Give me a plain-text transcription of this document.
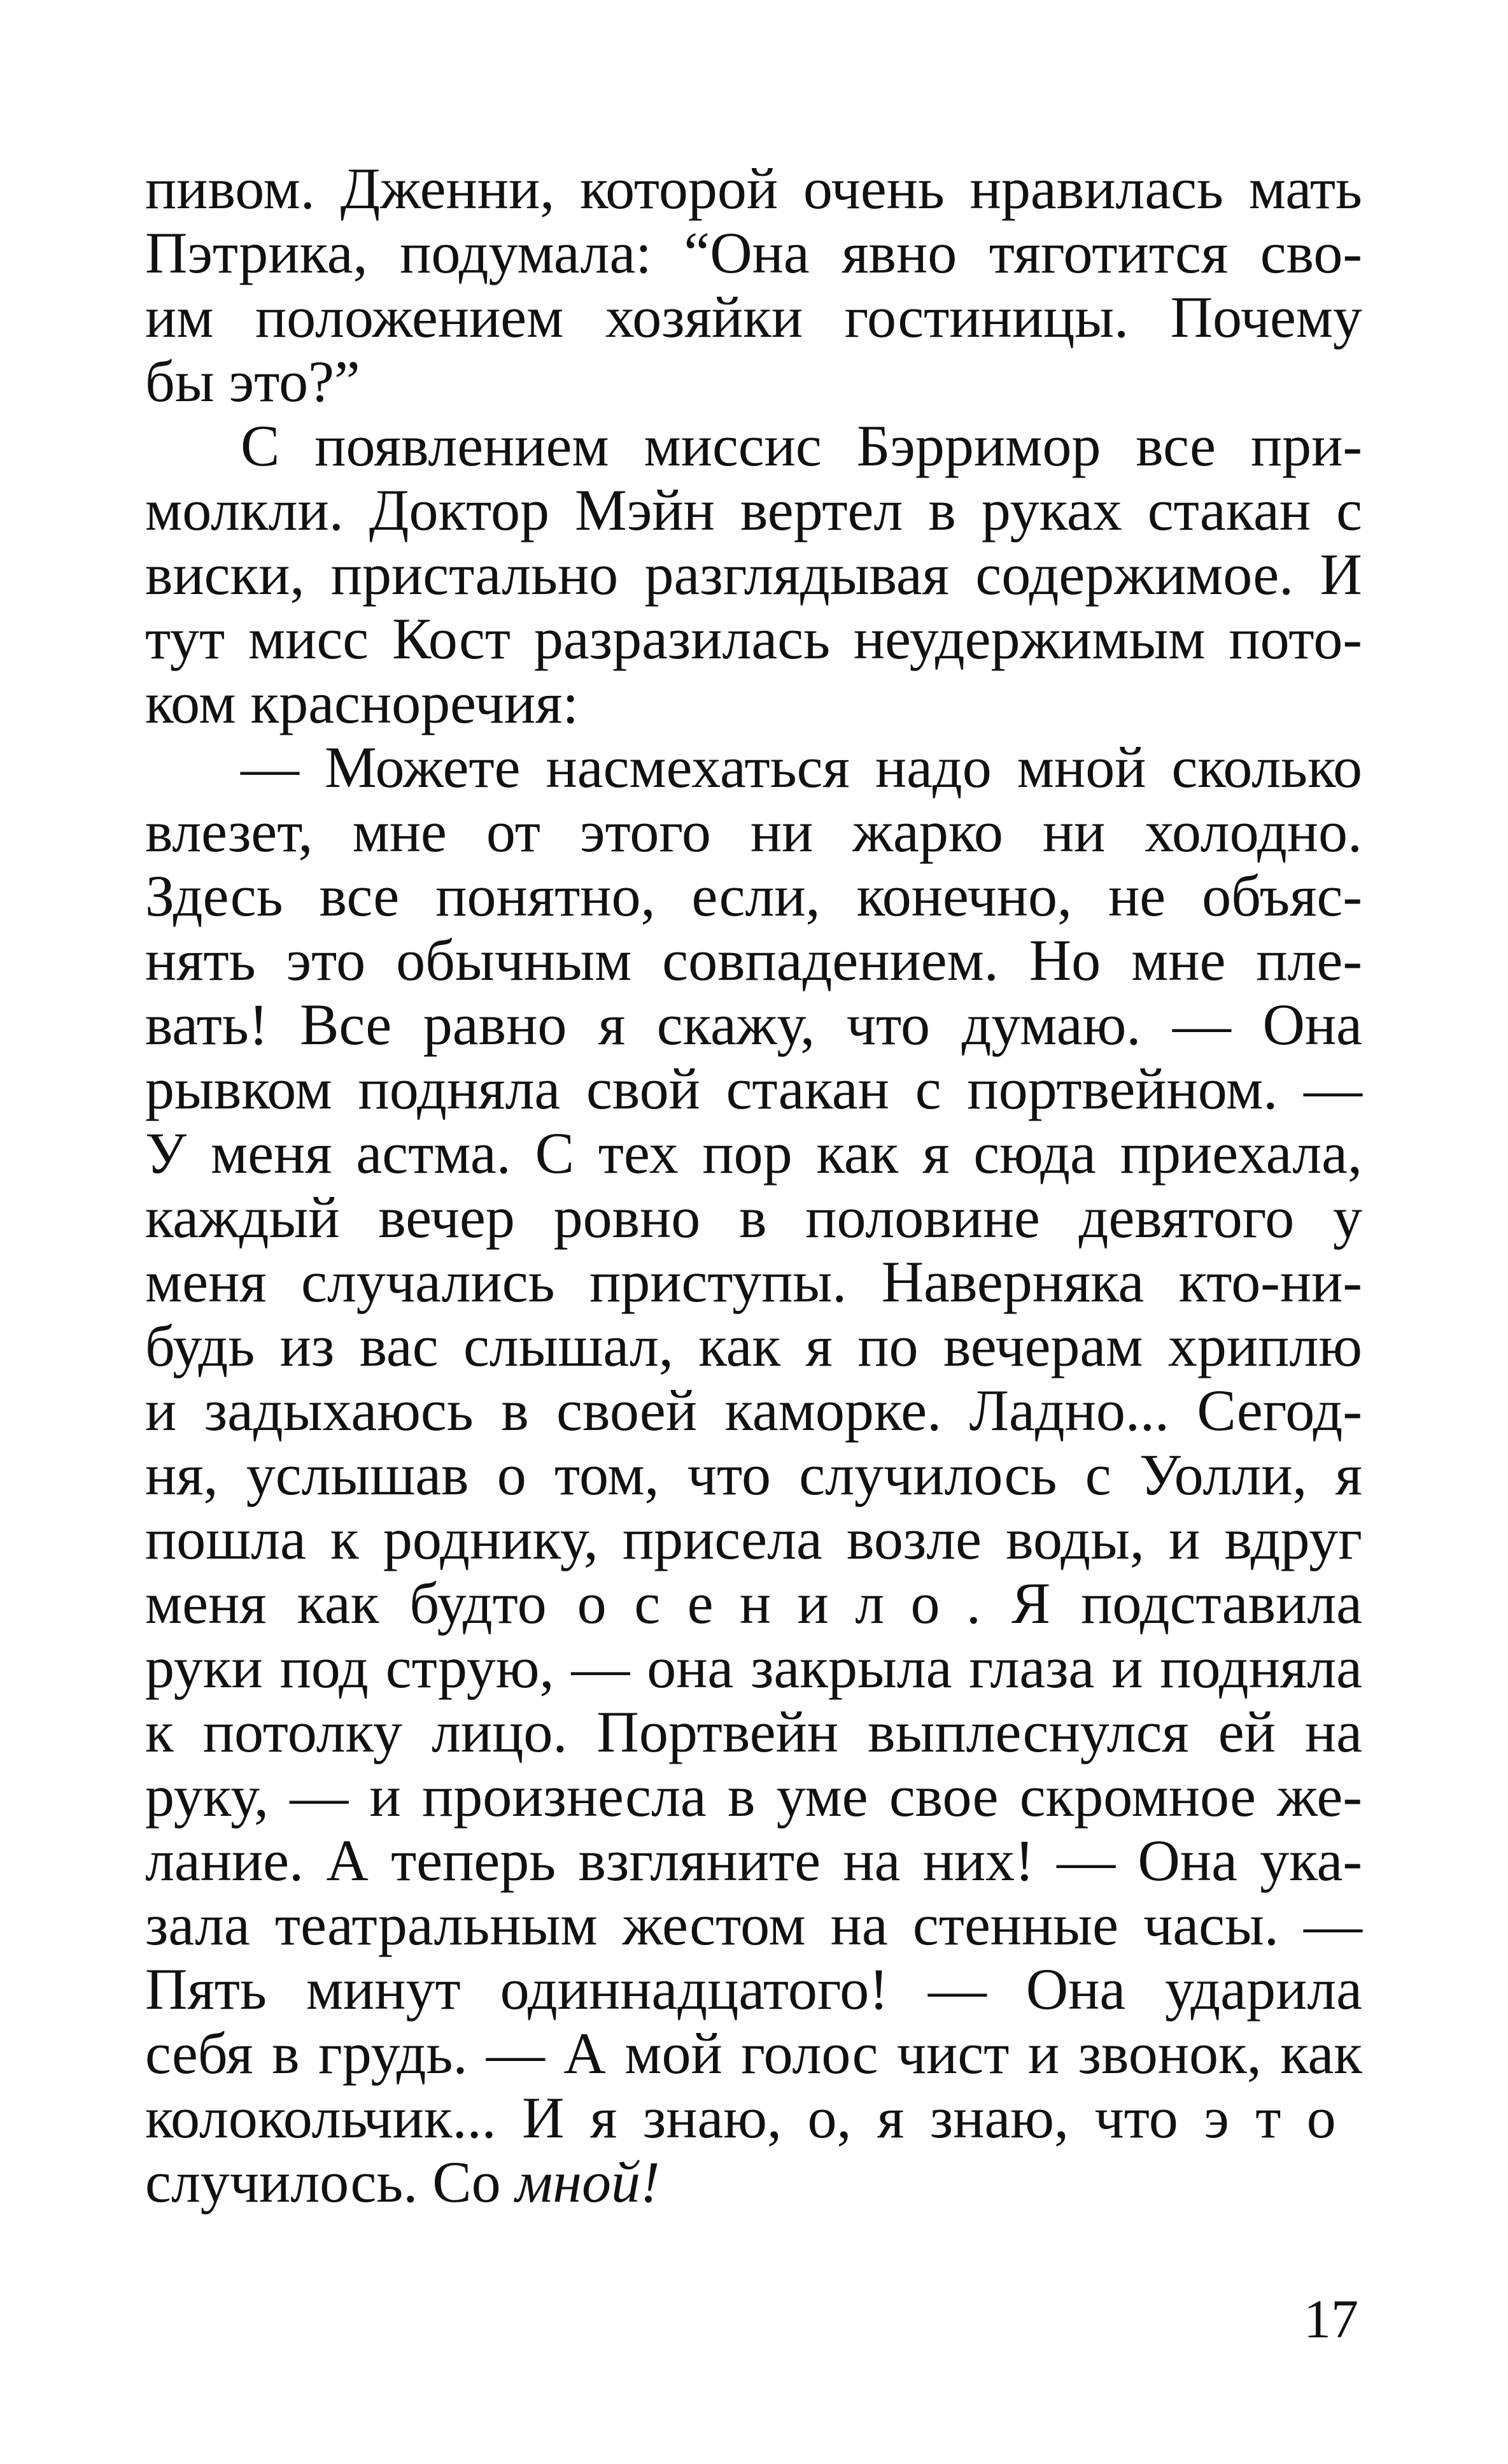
пивом. Дженни, которой очень нравилась мать
Пэтрика, подумала: “Она явно тяготится сво-
им положением хозяйки гостиницы. Почему
бы это?”
С появлением миссис Бэрримор все при-
молкли. Доктор Мэйн вертел в руках стакан с
виски, пристально разглядывая содержимое. И
тут мисс Кост разразилась неудержимым пото-
ком красноречия:
— Можете насмехаться надо мной сколько
влезет, мне от этого ни жарко ни холодно.
Здесь все понятно, если, конечно, не объяс-
нять это обычным совпадением. Но мне пле-
вать! Все равно я скажу, что думаю. — Она
рывком подняла свой стакан с портвейном. —
У меня астма. С тех пор как я сюда приехала,
каждый вечер ровно в половине девятого у
меня случались приступы. Наверняка кто-ни-
будь из вас слышал, как я по вечерам хриплю
и задыхаюсь в своей каморке. Ладно... Сегод-
ня, услышав о том, что случилось с Уолли, я
пошла к роднику, присела возле воды, и вдруг
меня как будто осенило. Я подставила
руки под струю, — она закрыла глаза и подняла
к потолку лицо. Портвейн выплеснулся ей на
руку, — и произнесла в уме свое скромное же-
лание. А теперь взгляните на них! — Она ука-
зала театральным жестом на стенные часы. —
Пять минут одиннадцатого! — Она ударила
себя в грудь. — А мой голос чист и звонок, как
колокольчик... И я знаю, о, я знаю, что это
случилось. Со мной!
17
